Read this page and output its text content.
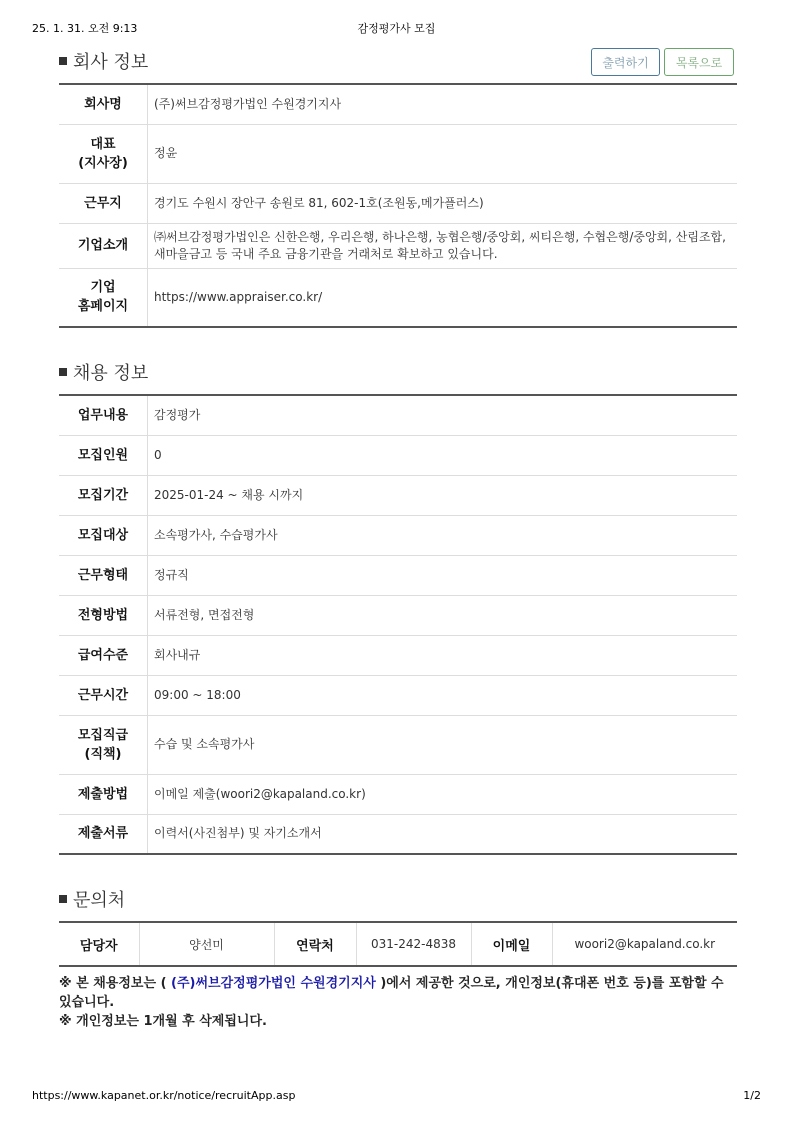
25. 1. 31. 오전 9:13	감정평가사 모집
회사 정보	출력하기	목록으로
회사명	(주)써브감정평가법인 수원경기지사
대표
(지사장)	정윤
근무지	경기도 수원시 장안구 송원로 81, 602-1호(조원동,메가플러스)
기업소개	㈜써브감정평가법인은 신한은행, 우리은행, 하나은행, 농협은행/중앙회, 씨티은행, 수협은행/중앙회, 산림조합, 새마을금고 등 국내 주요 금융기관을 거래처로 확보하고 있습니다.
기업
홈페이지	https://www.appraiser.co.kr/
채용 정보
업무내용	감정평가
모집인원	0
모집기간	2025-01-24 ~ 채용 시까지
모집대상	소속평가사, 수습평가사
근무형태	정규직
전형방법	서류전형, 면접전형
급여수준	회사내규
근무시간	09:00 ~ 18:00
모집직급
(직책)	수습 및 소속평가사
제출방법	이메일 제출(woori2@kapaland.co.kr)
제출서류	이력서(사진첨부) 및 자기소개서
문의처
담당자	양선미	연락처	031-242-4838	이메일	woori2@kapaland.co.kr
※ 본 채용정보는 ( (주)써브감정평가법인 수원경기지사 )에서 제공한 것으로, 개인정보(휴대폰 번호 등)를 포함할 수 있습니다.
※ 개인정보는 1개월 후 삭제됩니다.
https://www.kapanet.or.kr/notice/recruitApp.asp	1/2
